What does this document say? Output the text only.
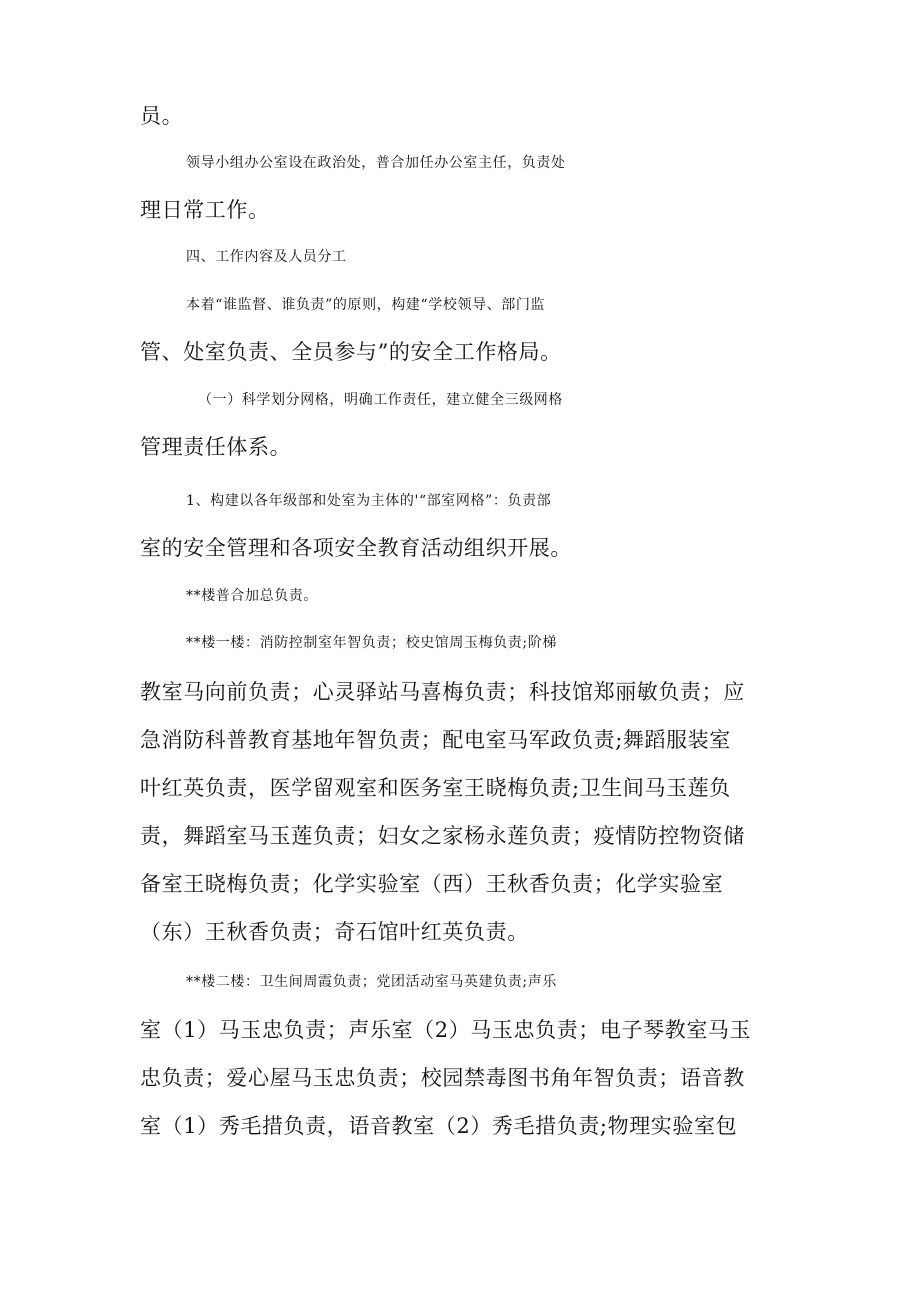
员。
领导小组办公室设在政治处，普合加任办公室主任，负责处
理日常工作。
四、工作内容及人员分工
本着“谁监督、谁负责”的原则，构建“学校领导、部门监
管、处室负责、全员参与”的安全工作格局。
（一）科学划分网格，明确工作责任，建立健全三级网格
管理责任体系。
1、构建以各年级部和处室为主体的'“部室网格”：负责部
室的安全管理和各项安全教育活动组织开展。
**楼普合加总负责。
**楼一楼：消防控制室年智负责；校史馆周玉梅负责;阶梯
教室马向前负责；心灵驿站马喜梅负责；科技馆郑丽敏负责；应
急消防科普教育基地年智负责；配电室马军政负责;舞蹈服装室
叶红英负责，医学留观室和医务室王晓梅负责;卫生间马玉莲负
责，舞蹈室马玉莲负责；妇女之家杨永莲负责；疫情防控物资储
备室王晓梅负责；化学实验室（西）王秋香负责；化学实验室
（东）王秋香负责；奇石馆叶红英负责。
**楼二楼：卫生间周霞负责；党团活动室马英建负责;声乐
室（1）马玉忠负责；声乐室（2）马玉忠负责；电子琴教室马玉
忠负责；爱心屋马玉忠负责；校园禁毒图书角年智负责；语音教
室（1）秀毛措负责，语音教室（2）秀毛措负责;物理实验室包
